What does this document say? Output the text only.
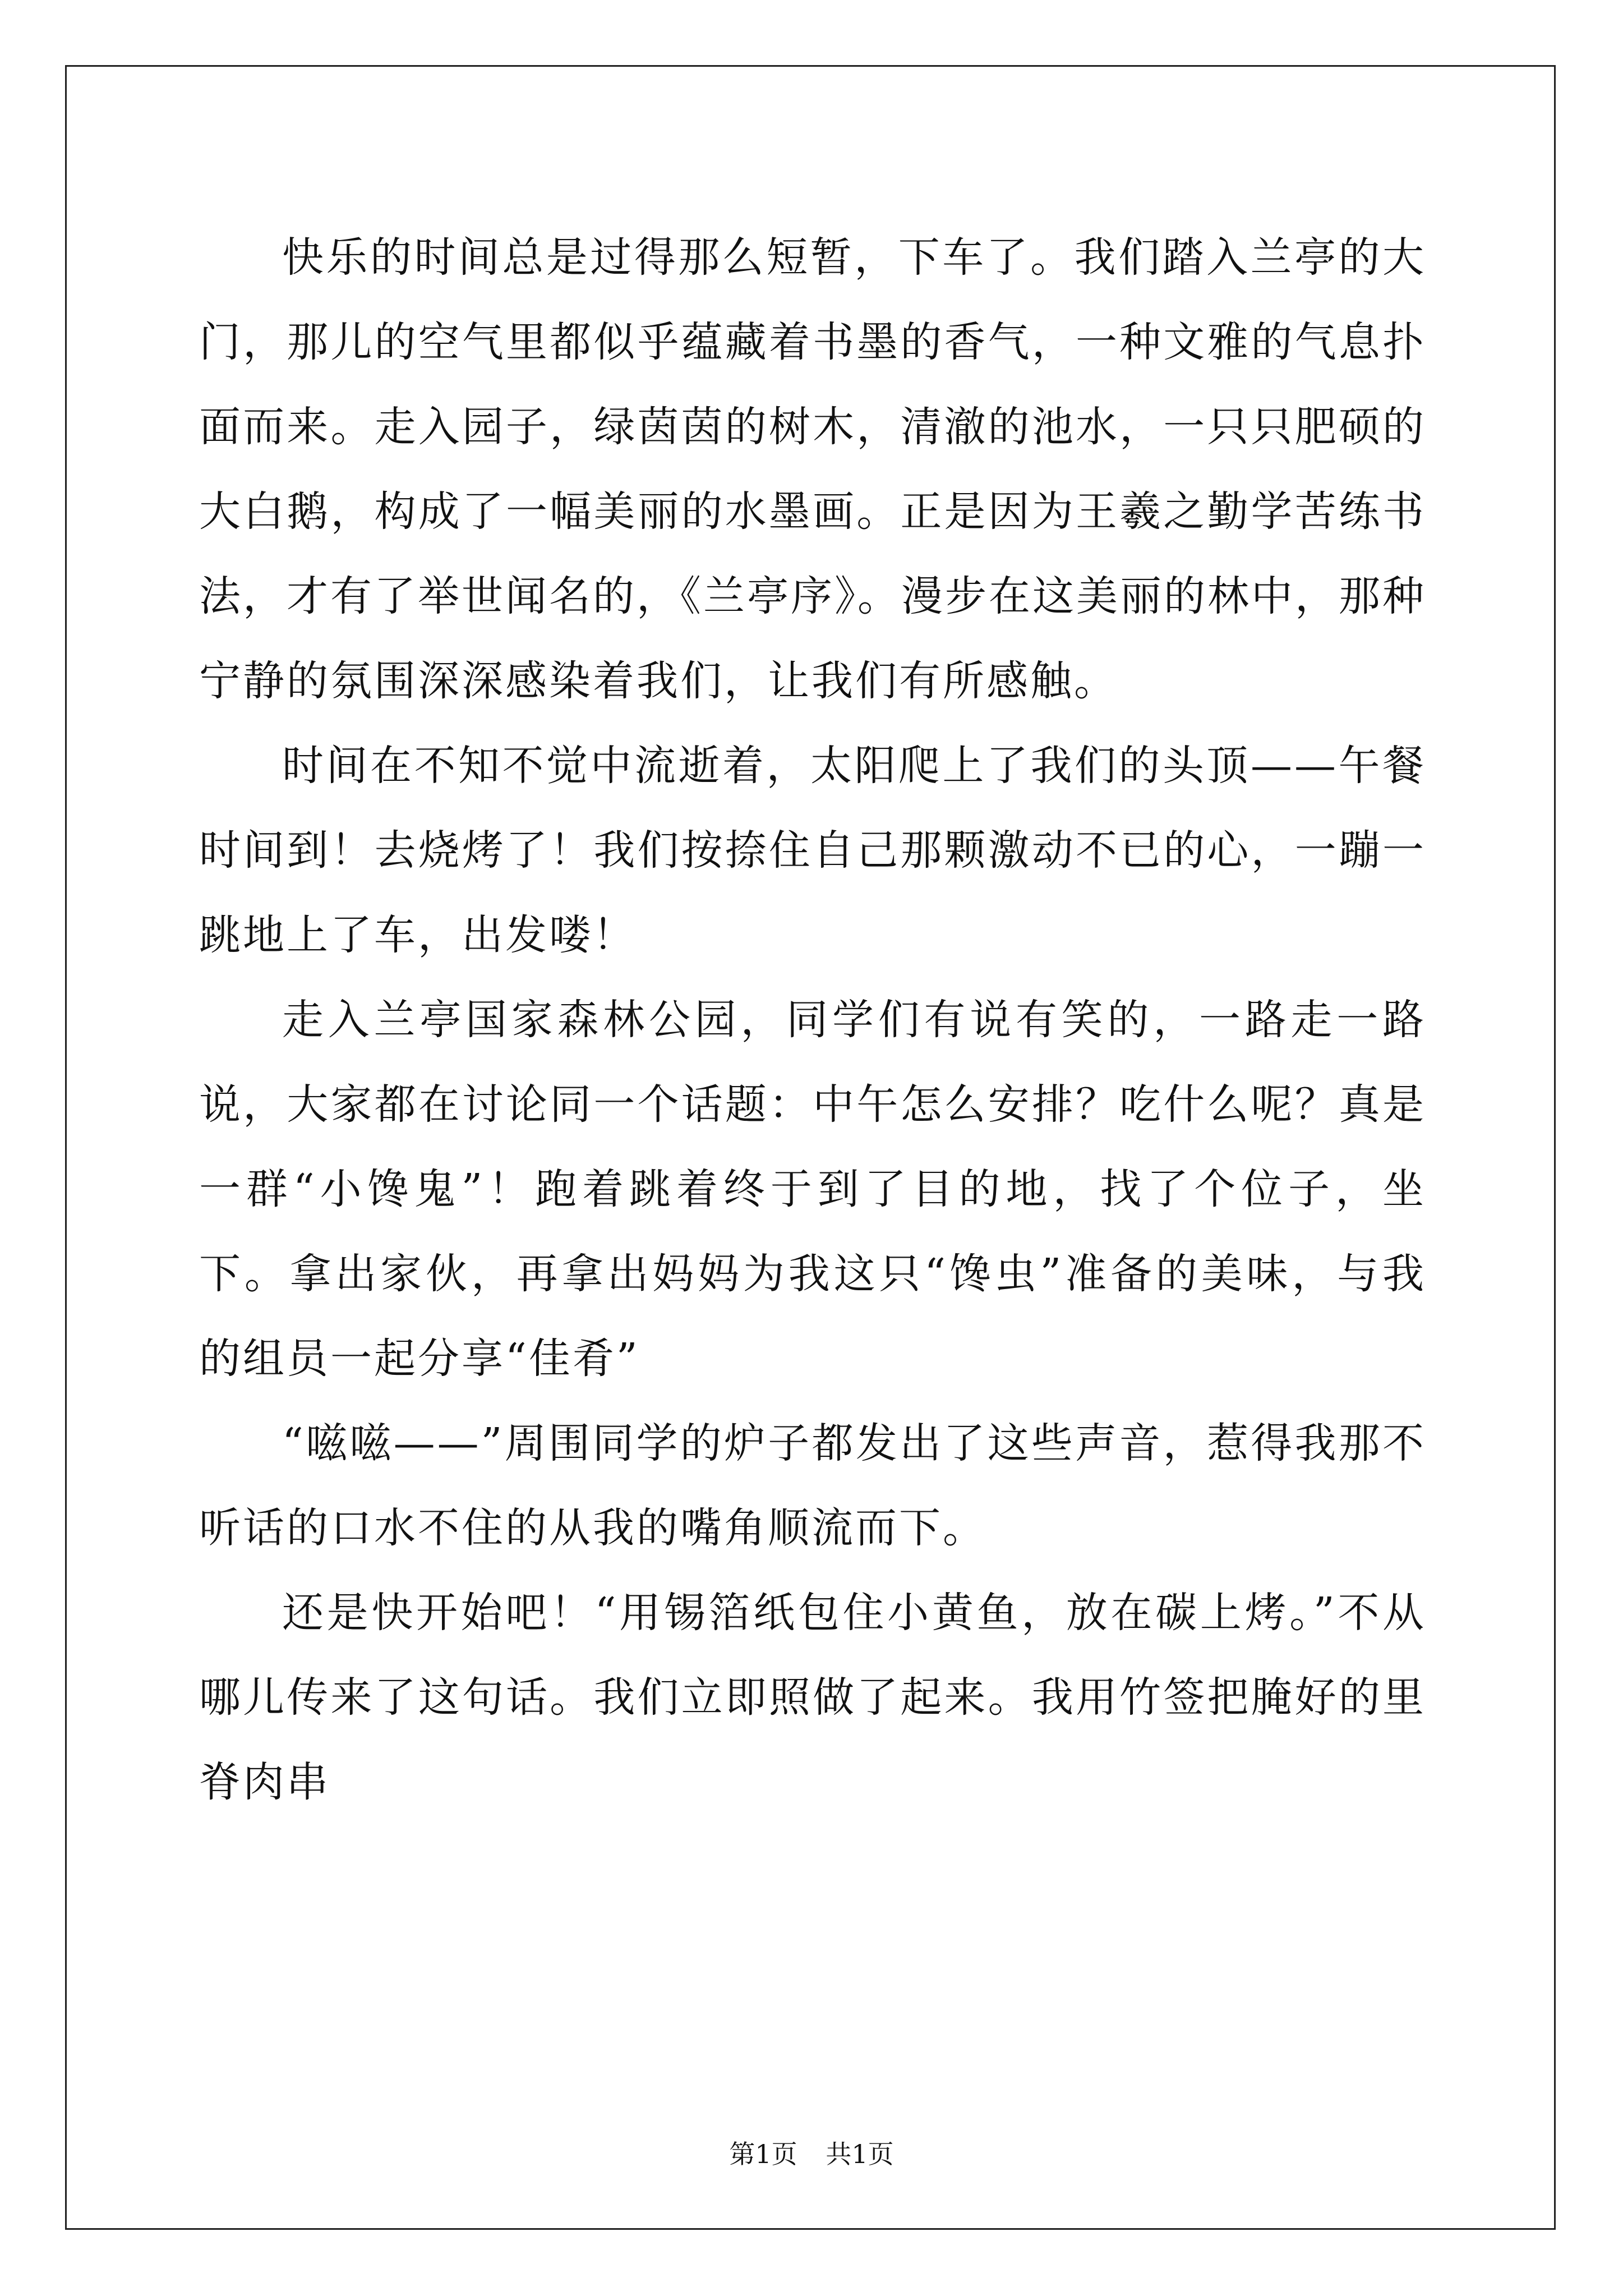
快乐的时间总是过得那么短暂，下车了。我们踏入兰亭的大门，那儿的空气里都似乎蕴藏着书墨的香气，一种文雅的气息扑面而来。走入园子，绿茵茵的树木，清澈的池水，一只只肥硕的大白鹅，构成了一幅美丽的水墨画。正是因为王羲之勤学苦练书法，才有了举世闻名的，《兰亭序》。漫步在这美丽的林中，那种宁静的氛围深深感染着我们，让我们有所感触。

时间在不知不觉中流逝着，太阳爬上了我们的头顶——午餐时间到！去烧烤了！我们按捺住自己那颗激动不已的心，一蹦一跳地上了车，出发喽！

走入兰亭国家森林公园，同学们有说有笑的，一路走一路说，大家都在讨论同一个话题：中午怎么安排？吃什么呢？真是一群“小馋鬼”！跑着跳着终于到了目的地，找了个位子，坐下。拿出家伙，再拿出妈妈为我这只“馋虫”准备的美味，与我的组员一起分享“佳肴”

“嗞嗞——”周围同学的炉子都发出了这些声音，惹得我那不听话的口水不住的从我的嘴角顺流而下。

还是快开始吧！“用锡箔纸包住小黄鱼，放在碳上烤。”不从哪儿传来了这句话。我们立即照做了起来。我用竹签把腌好的里脊肉串

第1页 共1页
